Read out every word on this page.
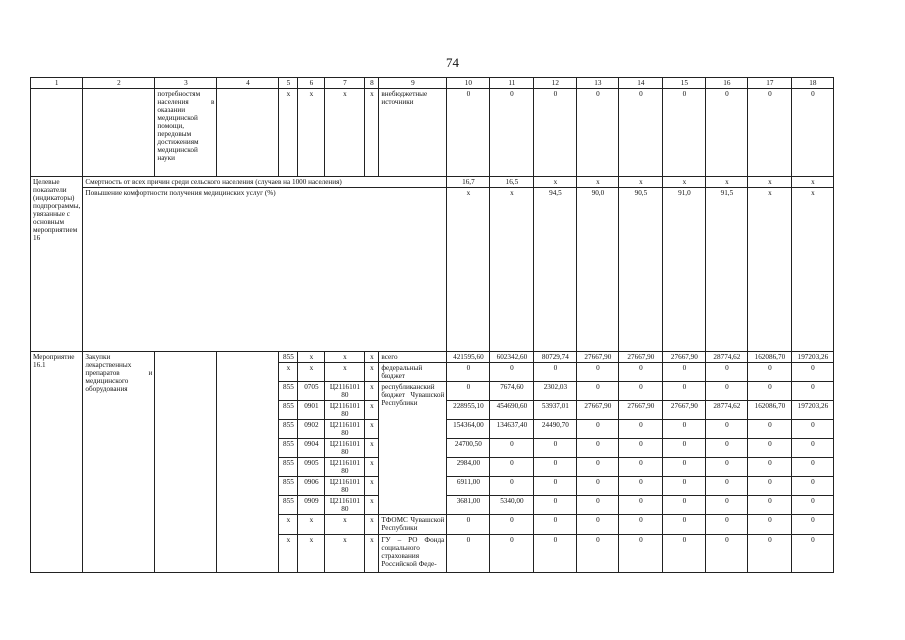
74
1	2	3	4	5	6	7	8	9	10	11	12	13	14	15	16	17	18
		потребностям населения в оказании медицинской помощи, передовым достижениям медицинской науки		x	x	x	x	внебюджетные источники	0	0	0	0	0	0	0	0	0
Целевые показатели (индикаторы) подпрограммы, увязанные с основным мероприятием 16	Смертность от всех причин среди сельского населения (случаев на 1000 населения)								16,7	16,5	x	x	x	x	x	x	x
	Повышение комфортности получения медицинских услуг (%)								x	x	94,5	90,0	90,5	91,0	91,5	x	x
Мероприятие 16.1	Закупки лекарственных препаратов и медицинского оборудования			855	x	x	x	всего	421595,60	602342,60	80729,74	27667,90	27667,90	27667,90	28774,62	162086,70	197203,26
				x	x	x	x	федеральный бюджет	0	0	0	0	0	0	0	0	0
				855	0705	Ц2116101 80	x	республиканский бюджет Чувашской Республики	0	7674,60	2302,03	0	0	0	0	0	0
				855	0901	Ц2116101 80	x		228955,10	454690,60	53937,01	27667,90	27667,90	27667,90	28774,62	162086,70	197203,26
				855	0902	Ц2116101 80	x		154364,00	134637,40	24490,70	0	0	0	0	0	0
				855	0904	Ц2116101 80	x		24700,50	0	0	0	0	0	0	0	0
				855	0905	Ц2116101 80	x		2984,00	0	0	0	0	0	0	0	0
				855	0906	Ц2116101 80	x		6911,00	0	0	0	0	0	0	0	0
				855	0909	Ц2116101 80	x		3681,00	5340,00	0	0	0	0	0	0	0
				x	x	x	x	ТФОМС Чувашской Республики	0	0	0	0	0	0	0	0	0
				x	x	x	x	ГУ – РО Фонда социального страхования Российской Феде-	0	0	0	0	0	0	0	0	0
